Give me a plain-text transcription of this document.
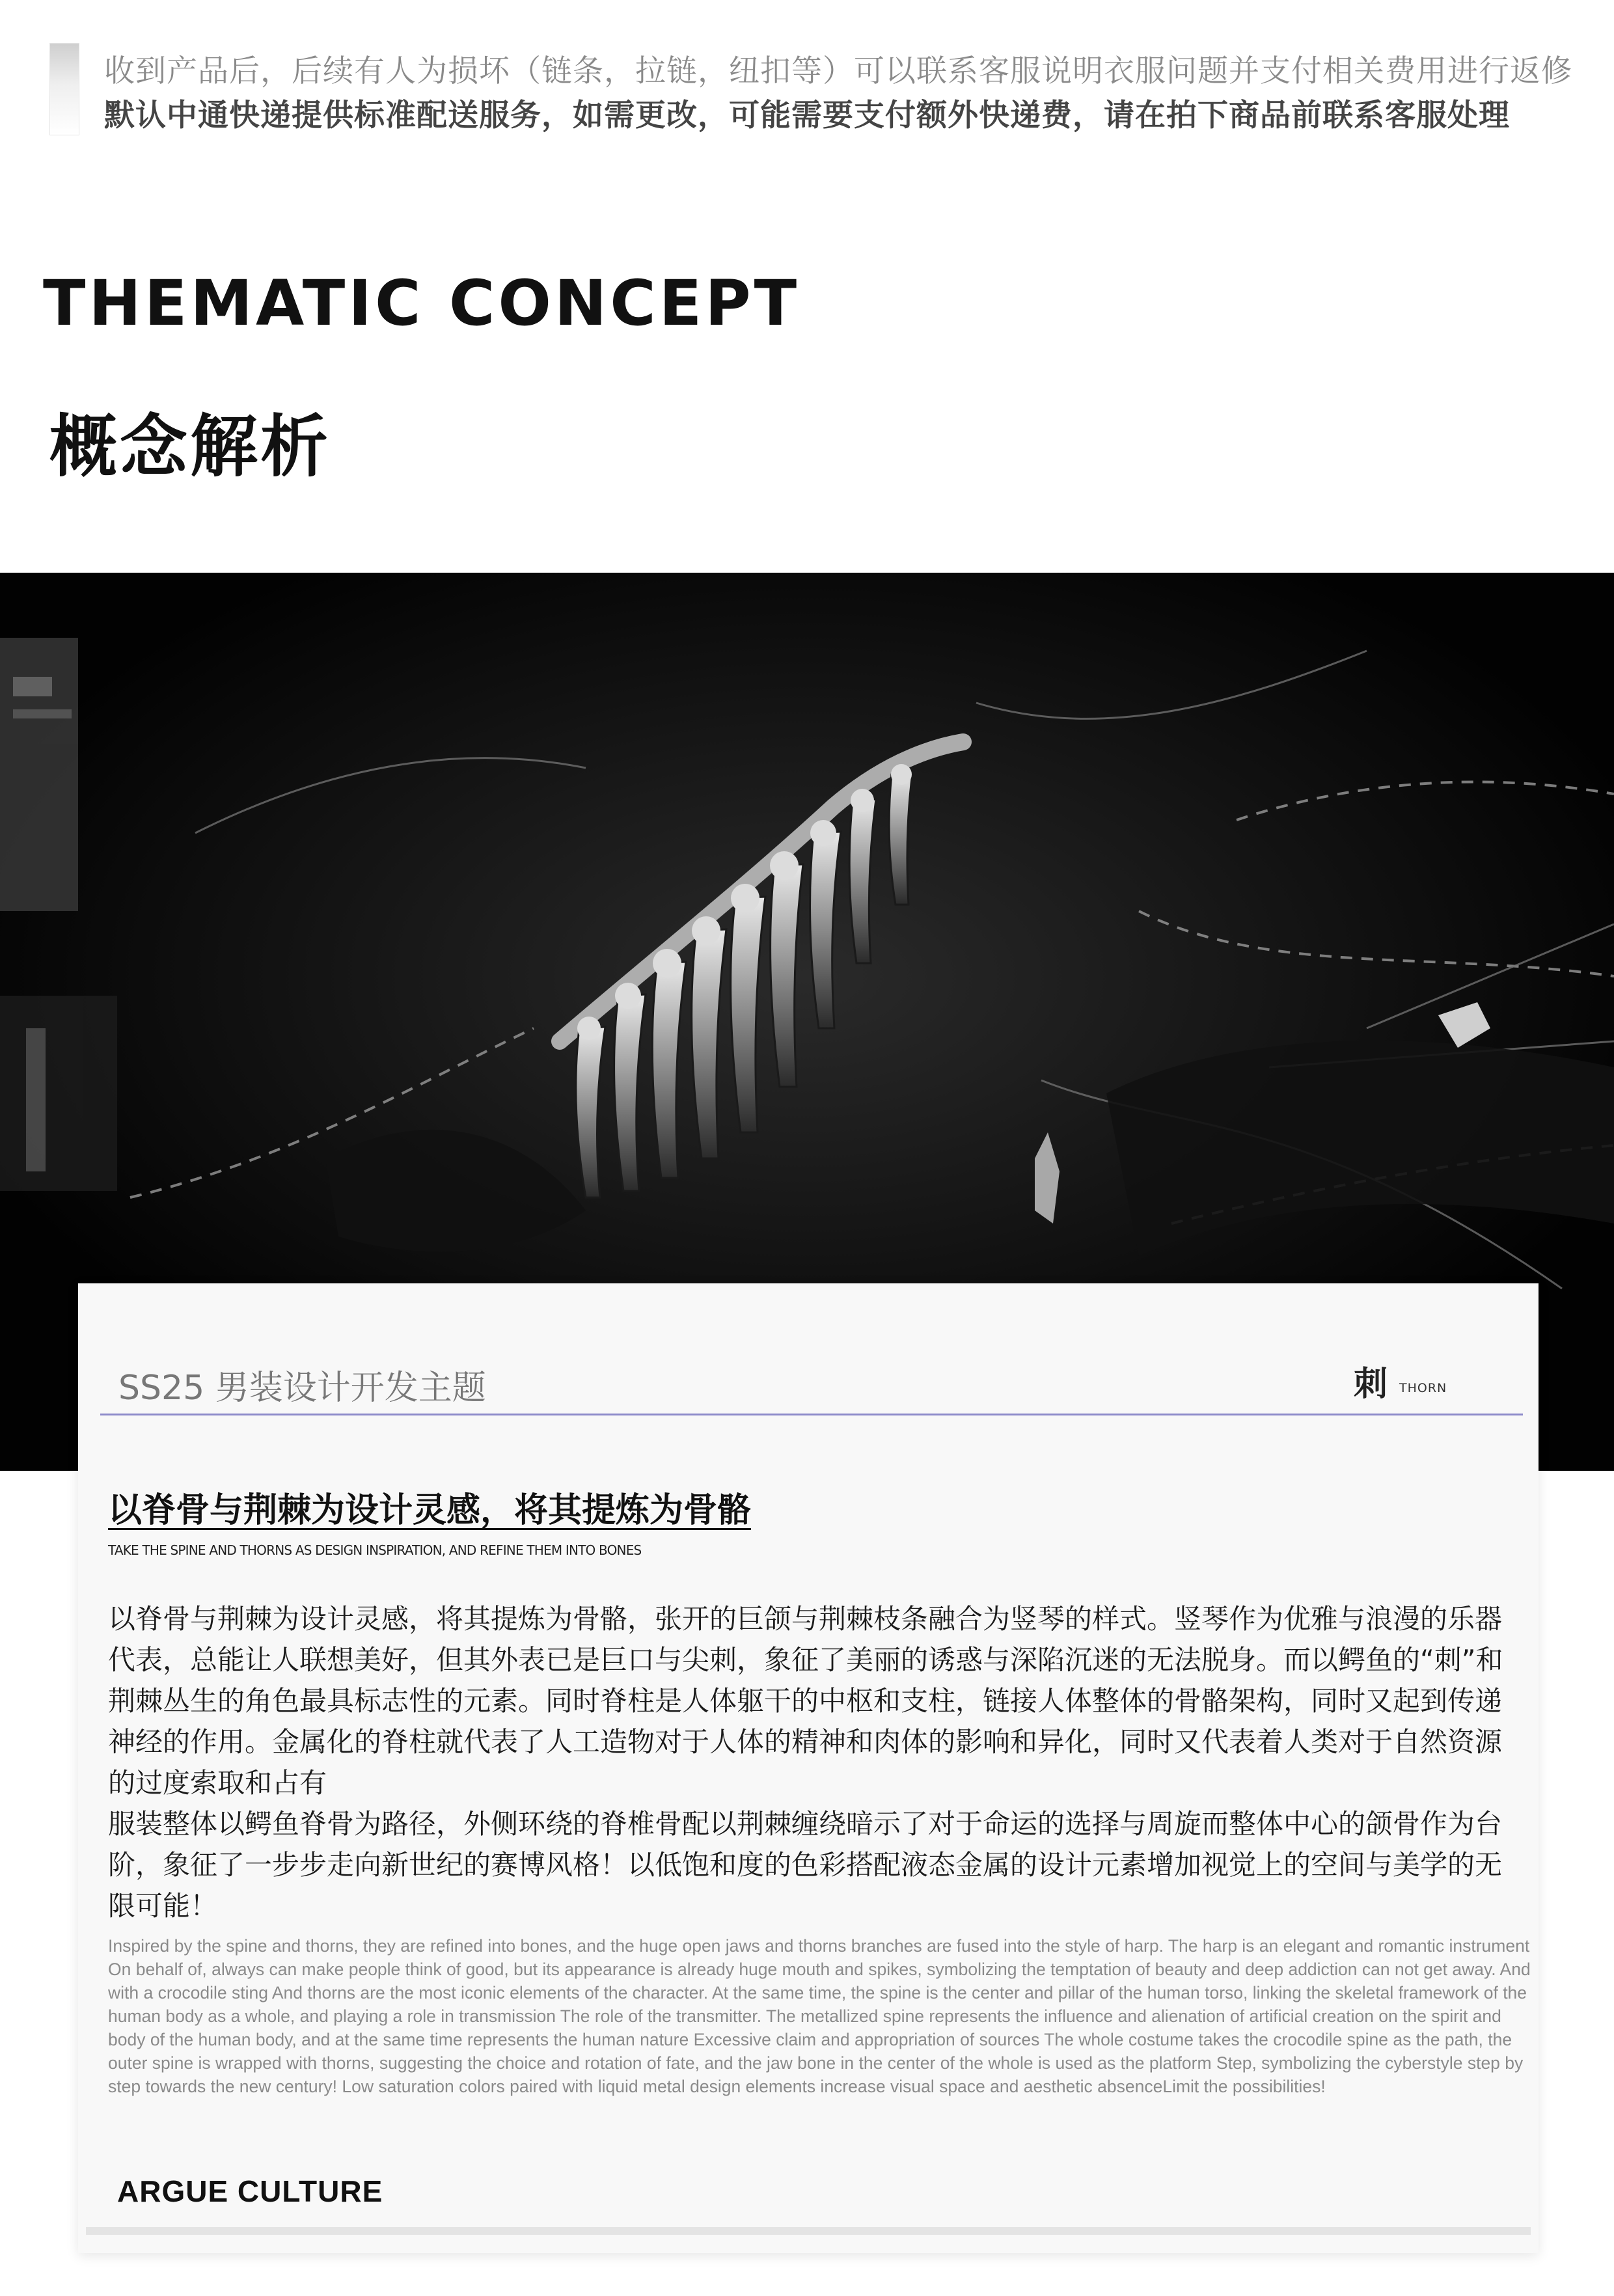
收到产品后，后续有人为损坏（链条，拉链，纽扣等）可以联系客服说明衣服问题并支付相关费用进行返修
默认中通快递提供标准配送服务，如需更改，可能需要支付额外快递费，请在拍下商品前联系客服处理
THEMATIC CONCEPT
概念解析
SS25 男装设计开发主题	刺 THORN
以脊骨与荆棘为设计灵感，将其提炼为骨骼
TAKE THE SPINE AND THORNS AS DESIGN INSPIRATION, AND REFINE THEM INTO BONES

以脊骨与荆棘为设计灵感，将其提炼为骨骼，张开的巨颌与荆棘枝条融合为竖琴的样式。竖琴作为优雅与浪漫的乐器代表，总能让人联想美好，但其外表已是巨口与尖刺，象征了美丽的诱惑与深陷沉迷的无法脱身。而以鳄鱼的“刺”和荆棘丛生的角色最具标志性的元素。同时脊柱是人体躯干的中枢和支柱，链接人体整体的骨骼架构，同时又起到传递神经的作用。金属化的脊柱就代表了人工造物对于人体的精神和肉体的影响和异化，同时又代表着人类对于自然资源的过度索取和占有

服装整体以鳄鱼脊骨为路径，外侧环绕的脊椎骨配以荆棘缠绕暗示了对于命运的选择与周旋而整体中心的颌骨作为台阶，象征了一步步走向新世纪的赛博风格！以低饱和度的色彩搭配液态金属的设计元素增加视觉上的空间与美学的无限可能！

Inspired by the spine and thorns, they are refined into bones, and the huge open jaws and thorns branches are fused into the style of harp. The harp is an elegant and romantic instrument On behalf of, always can make people think of good, but its appearance is already huge mouth and spikes, symbolizing the temptation of beauty and deep addiction can not get away. And with a crocodile sting And thorns are the most iconic elements of the character. At the same time, the spine is the center and pillar of the human torso, linking the skeletal framework of the human body as a whole, and playing a role in transmission The role of the transmitter. The metallized spine represents the influence and alienation of artificial creation on the spirit and body of the human body, and at the same time represents the human nature Excessive claim and appropriation of sources The whole costume takes the crocodile spine as the path, the outer spine is wrapped with thorns, suggesting the choice and rotation of fate, and the jaw bone in the center of the whole is used as the platform Step, symbolizing the cyberstyle step by step towards the new century! Low saturation colors paired with liquid metal design elements increase visual space and aesthetic absenceLimit the possibilities!
ARGUE CULTURE
